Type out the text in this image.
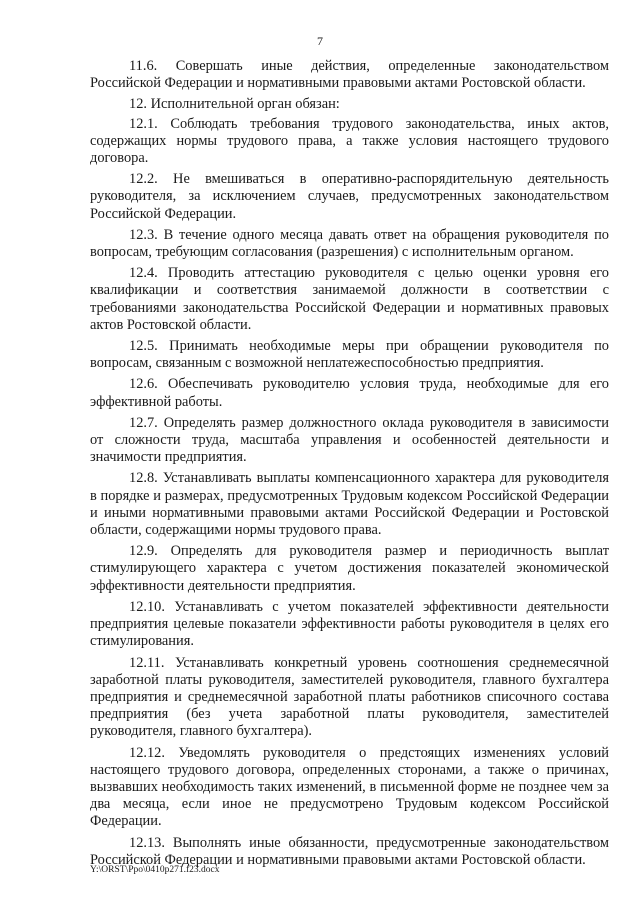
7

11.6. Совершать иные действия, определенные законодательством Российской Федерации и нормативными правовыми актами Ростовской области.

12. Исполнительной орган обязан:

12.1. Соблюдать требования трудового законодательства, иных актов, содержащих нормы трудового права, а также условия настоящего трудового договора.

12.2. Не вмешиваться в оперативно-распорядительную деятельность руководителя, за исключением случаев, предусмотренных законодательством Российской Федерации.

12.3. В течение одного месяца давать ответ на обращения руководителя по вопросам, требующим согласования (разрешения) с исполнительным органом.

12.4. Проводить аттестацию руководителя с целью оценки уровня его квалификации и соответствия занимаемой должности в соответствии с требованиями законодательства Российской Федерации и нормативных правовых актов Ростовской области.

12.5. Принимать необходимые меры при обращении руководителя по вопросам, связанным с возможной неплатежеспособностью предприятия.

12.6. Обеспечивать руководителю условия труда, необходимые для его эффективной работы.

12.7. Определять размер должностного оклада руководителя в зависимости от сложности труда, масштаба управления и особенностей деятельности и значимости предприятия.

12.8. Устанавливать выплаты компенсационного характера для руководителя в порядке и размерах, предусмотренных Трудовым кодексом Российской Федерации и иными нормативными правовыми актами Российской Федерации и Ростовской области, содержащими нормы трудового права.

12.9. Определять для руководителя размер и периодичность выплат стимулирующего характера с учетом достижения показателей экономической эффективности деятельности предприятия.

12.10. Устанавливать с учетом показателей эффективности деятельности предприятия целевые показатели эффективности работы руководителя в целях его стимулирования.

12.11. Устанавливать конкретный уровень соотношения среднемесячной заработной платы руководителя, заместителей руководителя, главного бухгалтера предприятия и среднемесячной заработной платы работников списочного состава предприятия (без учета заработной платы руководителя, заместителей руководителя, главного бухгалтера).

12.12. Уведомлять руководителя о предстоящих изменениях условий настоящего трудового договора, определенных сторонами, а также о причинах, вызвавших необходимость таких изменений, в письменной форме не позднее чем за два месяца, если иное не предусмотрено Трудовым кодексом Российской Федерации.

12.13. Выполнять иные обязанности, предусмотренные законодательством Российской Федерации и нормативными правовыми актами Ростовской области.

Y:\ORST\Ppo\0410p271.f23.docx
